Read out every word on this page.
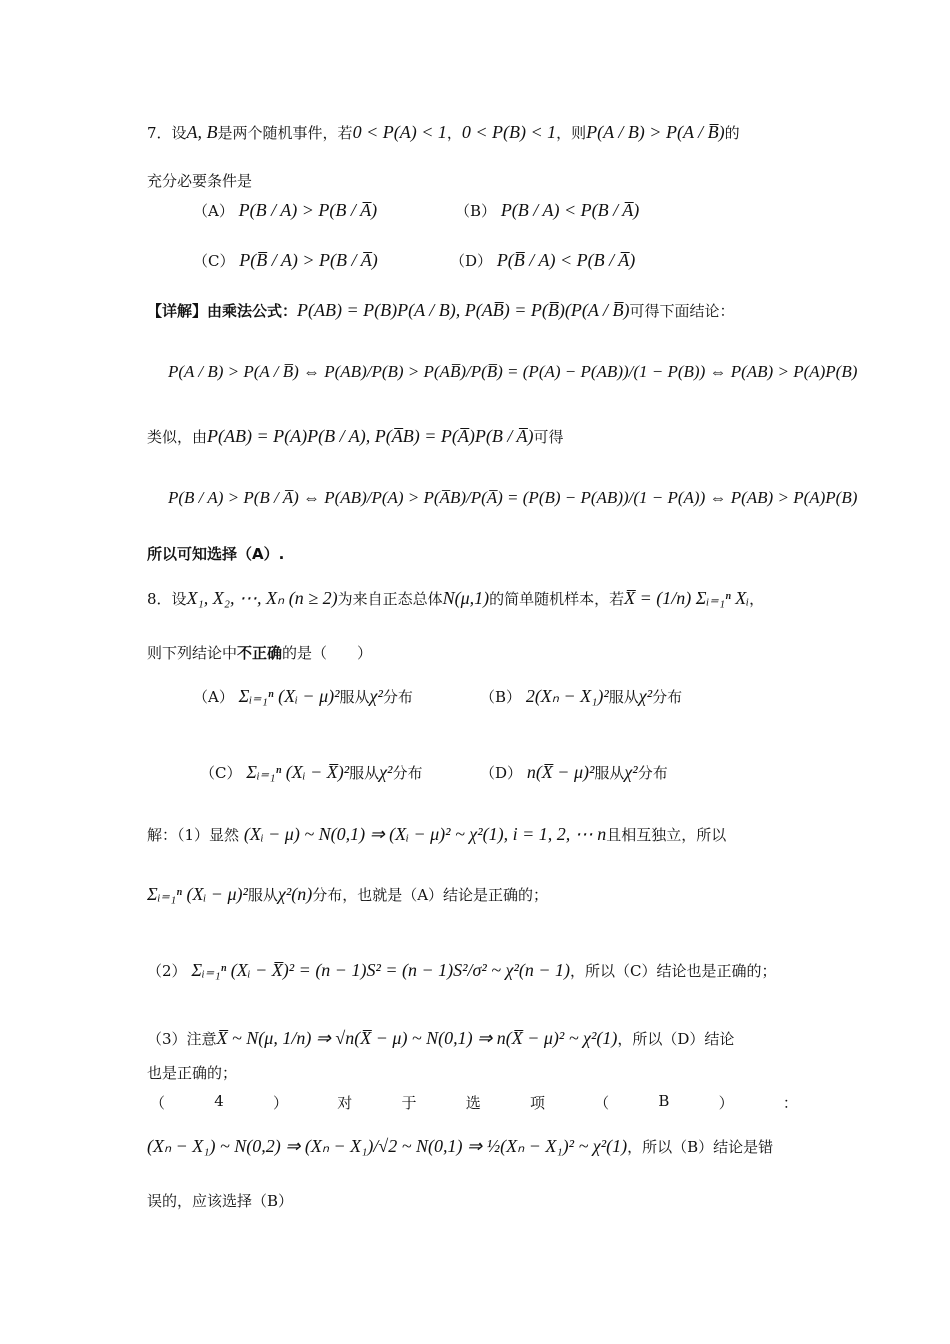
7．设A, B是两个随机事件，若0 < P(A) < 1，0 < P(B) < 1，则P(A / B) > P(A / B̅)的
充分必要条件是
（A） P(B / A) > P(B / A̅)	（B） P(B / A) < P(B / A̅)
（C） P(B̅ / A) > P(B / A̅)	（D） P(B̅ / A) < P(B / A̅)
【详解】由乘法公式：P(AB) = P(B)P(A / B), P(AB̅) = P(B̅)(P(A / B̅)可得下面结论：
P(A / B) > P(A / B̅) ⇔ P(AB)/P(B) > P(AB̅)/P(B̅) = (P(A) − P(AB))/(1 − P(B)) ⇔ P(AB) > P(A)P(B)
类似，由P(AB) = P(A)P(B / A), P(A̅B) = P(A̅)P(B / A̅)可得
P(B / A) > P(B / A̅) ⇔ P(AB)/P(A) > P(A̅B)/P(A̅) = (P(B) − P(AB))/(1 − P(A)) ⇔ P(AB) > P(A)P(B)
所以可知选择（A）.
8．设X₁, X₂, ⋯, Xₙ (n ≥ 2)为来自正态总体N(μ,1)的简单随机样本，若X̅ = (1/n) Σᵢ₌₁ⁿ Xᵢ，
则下列结论中不正确的是（　　）
（A） Σᵢ₌₁ⁿ (Xᵢ − μ)²服从χ²分布	（B） 2(Xₙ − X₁)²服从χ²分布
（C） Σᵢ₌₁ⁿ (Xᵢ − X̅)²服从χ²分布	（D） n(X̅ − μ)²服从χ²分布
解：（1）显然 (Xᵢ − μ) ~ N(0,1) ⇒ (Xᵢ − μ)² ~ χ²(1), i = 1, 2, ⋯ n且相互独立，所以
Σᵢ₌₁ⁿ (Xᵢ − μ)²服从χ²(n)分布，也就是（A）结论是正确的；
（2） Σᵢ₌₁ⁿ (Xᵢ − X̅)² = (n − 1)S² = (n − 1)S²/σ² ~ χ²(n − 1)，所以（C）结论也是正确的；
（3）注意X̅ ~ N(μ, 1/n) ⇒ √n(X̅ − μ) ~ N(0,1) ⇒ n(X̅ − μ)² ~ χ²(1)，所以（D）结论
也是正确的；
（	4	）	对	于	选	项	（	B	）	：
(Xₙ − X₁) ~ N(0,2) ⇒ (Xₙ − X₁)/√2 ~ N(0,1) ⇒ ½(Xₙ − X₁)² ~ χ²(1)，所以（B）结论是错
误的，应该选择（B）
